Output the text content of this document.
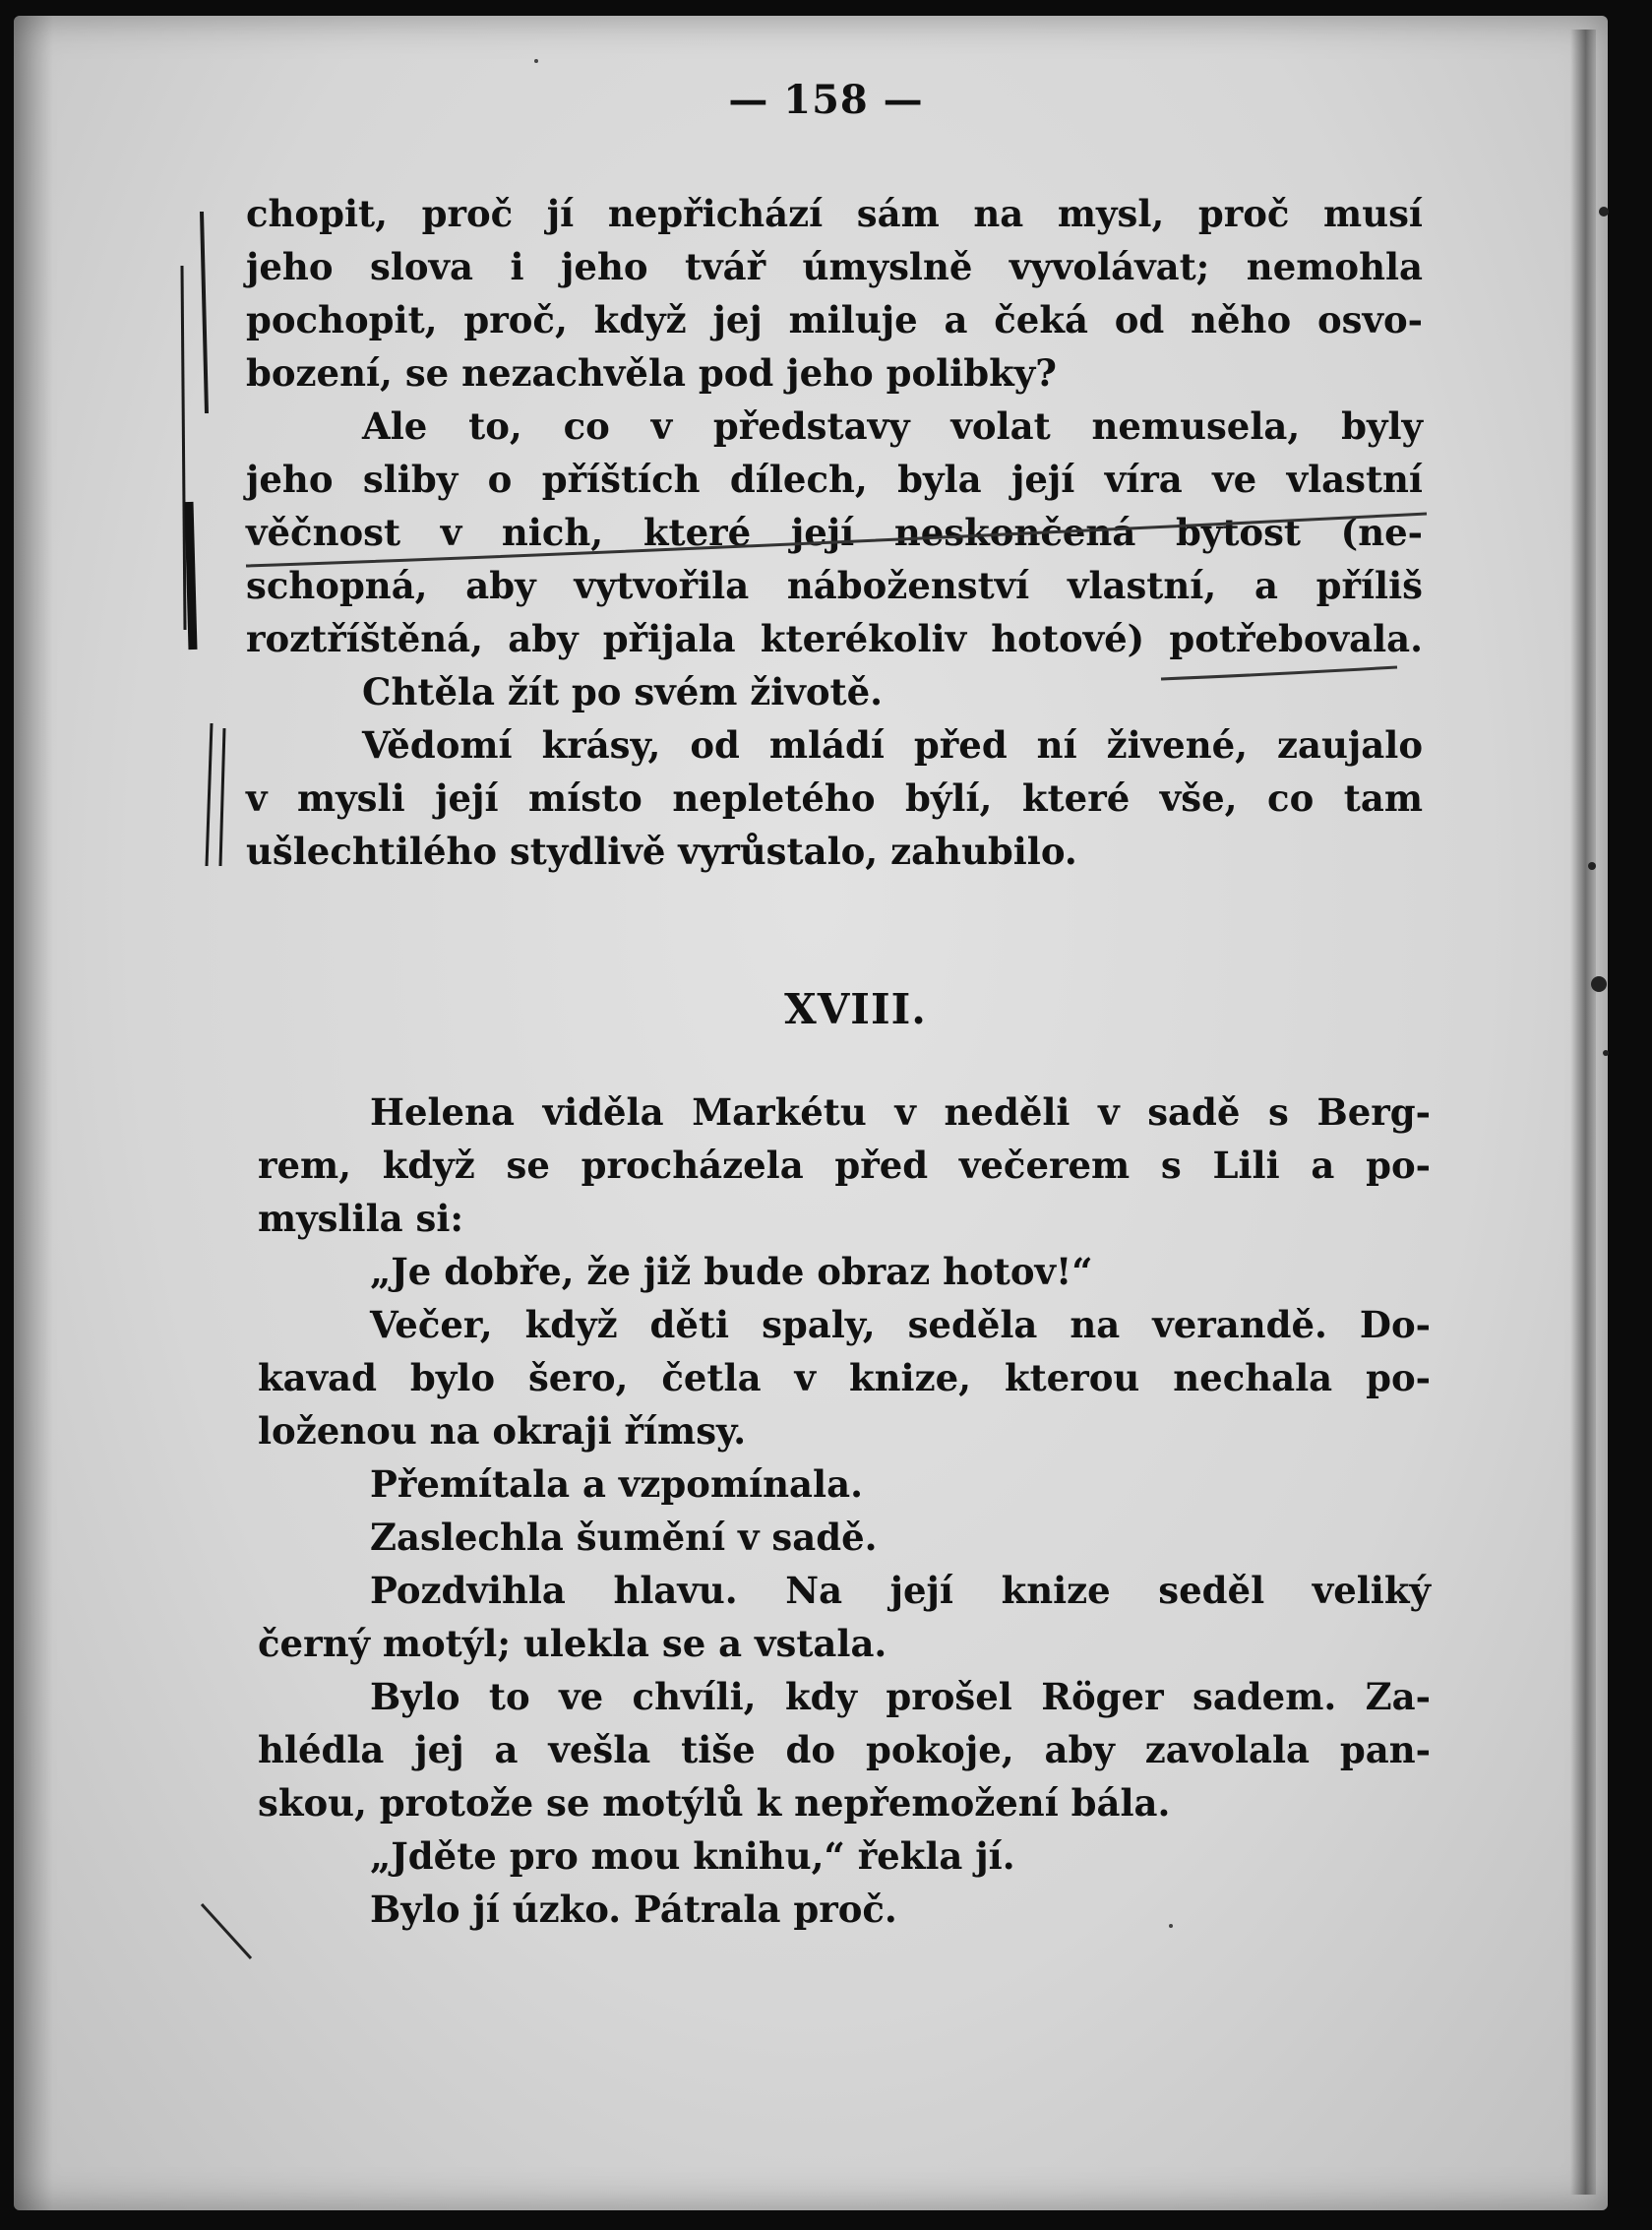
— 158 —
chopit, proč jí nepřichází sám na mysl, proč musí
jeho slova i jeho tvář úmyslně vyvolávat; nemohla
pochopit, proč, když jej miluje a čeká od něho osvo-
bození, se nezachvěla pod jeho polibky?
Ale to, co v představy volat nemusela, byly
jeho sliby o příštích dílech, byla její víra ve vlastní
věčnost v nich, které její neskončená bytost (ne-
schopná, aby vytvořila náboženství vlastní, a příliš
roztříštěná, aby přijala kterékoliv hotové) potřebovala.
Chtěla žít po svém životě.
Vědomí krásy, od mládí před ní živené, zaujalo
v mysli její místo nepletého býlí, které vše, co tam
ušlechtilého stydlivě vyrůstalo, zahubilo.
XVIII.
Helena viděla Markétu v neděli v sadě s Berg-
rem, když se procházela před večerem s Lili a po-
myslila si:
„Je dobře, že již bude obraz hotov!“
Večer, když děti spaly, seděla na verandě. Do-
kavad bylo šero, četla v knize, kterou nechala po-
loženou na okraji římsy.
Přemítala a vzpomínala.
Zaslechla šumění v sadě.
Pozdvihla hlavu. Na její knize seděl veliký
černý motýl; ulekla se a vstala.
Bylo to ve chvíli, kdy prošel Röger sadem. Za-
hlédla jej a vešla tiše do pokoje, aby zavolala pan-
skou, protože se motýlů k nepřemožení bála.
„Jděte pro mou knihu,“ řekla jí.
Bylo jí úzko. Pátrala proč.
